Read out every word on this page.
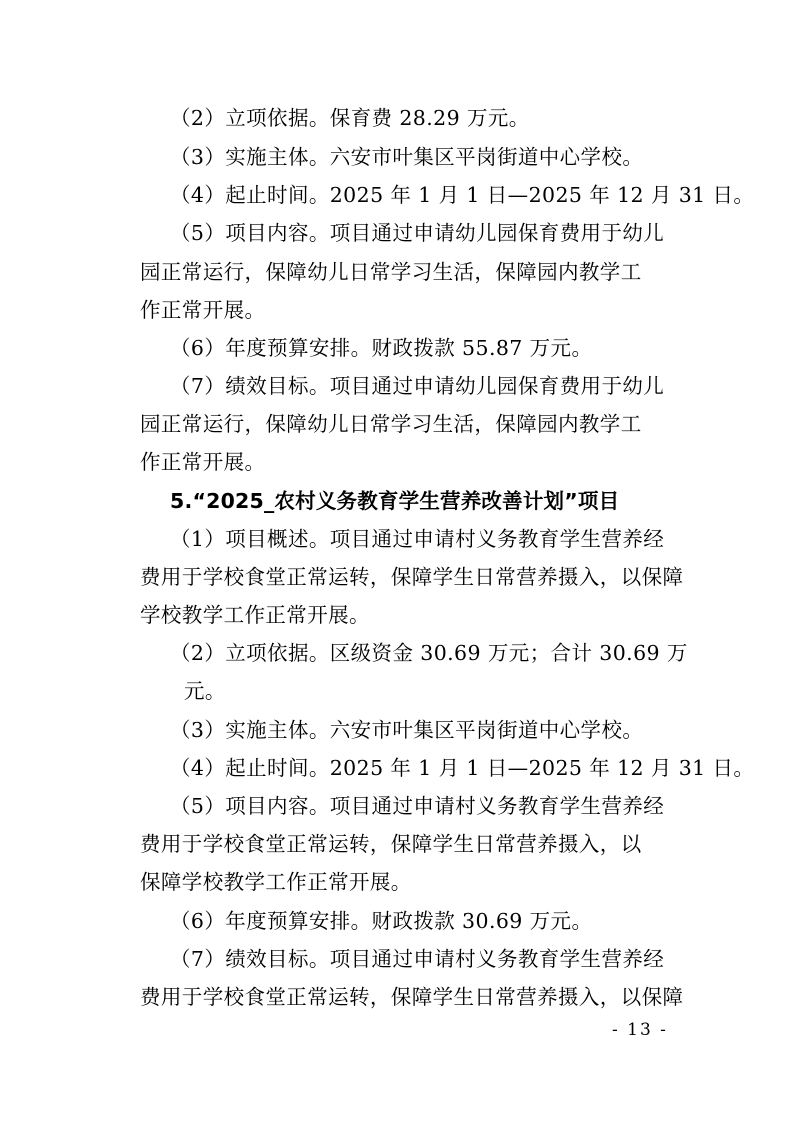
（2）立项依据。保育费 28.29 万元。
（3）实施主体。六安市叶集区平岗街道中心学校。
（4）起止时间。2025 年 1 月 1 日—2025 年 12 月 31 日。
（5）项目内容。项目通过申请幼儿园保育费用于幼儿
园正常运行，保障幼儿日常学习生活，保障园内教学工
作正常开展。
（6）年度预算安排。财政拨款 55.87 万元。
（7）绩效目标。项目通过申请幼儿园保育费用于幼儿
园正常运行，保障幼儿日常学习生活，保障园内教学工
作正常开展。
5.“2025_农村义务教育学生营养改善计划”项目
（1）项目概述。项目通过申请村义务教育学生营养经
费用于学校食堂正常运转，保障学生日常营养摄入，以保障
学校教学工作正常开展。
（2）立项依据。区级资金 30.69 万元；合计 30.69 万
元。
（3）实施主体。六安市叶集区平岗街道中心学校。
（4）起止时间。2025 年 1 月 1 日—2025 年 12 月 31 日。
（5）项目内容。项目通过申请村义务教育学生营养经
费用于学校食堂正常运转，保障学生日常营养摄入，以
保障学校教学工作正常开展。
（6）年度预算安排。财政拨款 30.69 万元。
（7）绩效目标。项目通过申请村义务教育学生营养经
费用于学校食堂正常运转，保障学生日常营养摄入，以保障
- 13 -
